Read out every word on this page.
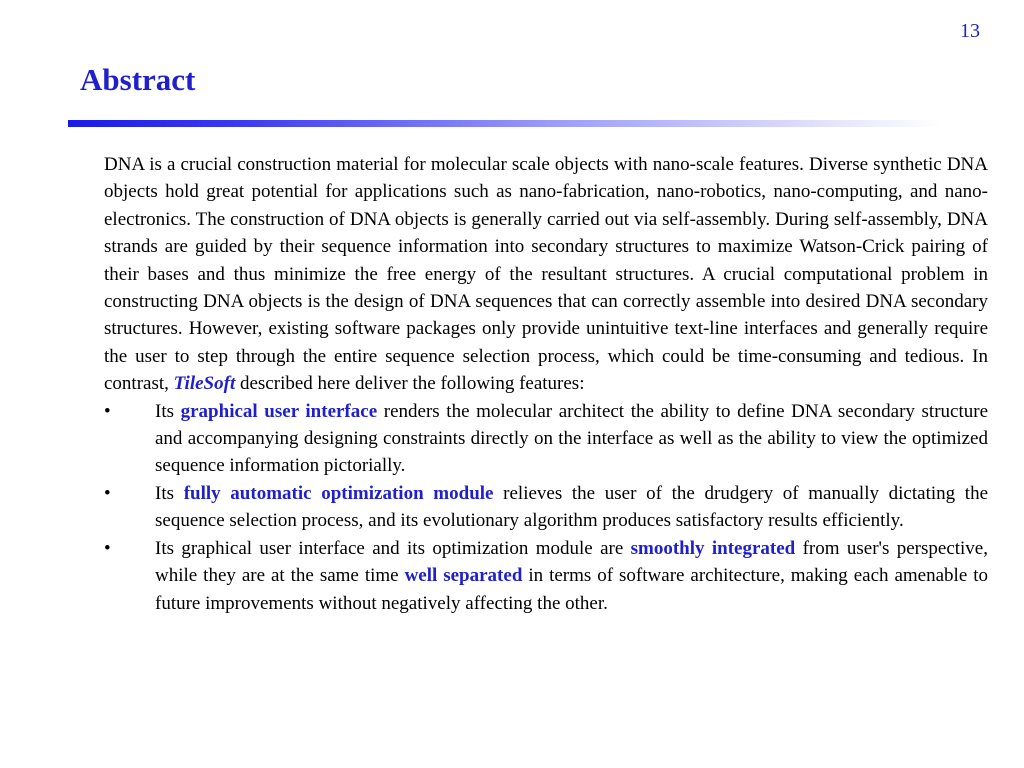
13
Abstract

DNA is a crucial construction material for molecular scale objects with nano-scale features. Diverse synthetic DNA objects hold great potential for applications such as nano-fabrication, nano-robotics, nano-computing, and nano-electronics. The construction of DNA objects is generally carried out via self-assembly. During self-assembly, DNA strands are guided by their sequence information into secondary structures to maximize Watson-Crick pairing of their bases and thus minimize the free energy of the resultant structures. A crucial computational problem in constructing DNA objects is the design of DNA sequences that can correctly assemble into desired DNA secondary structures. However, existing software packages only provide unintuitive text-line interfaces and generally require the user to step through the entire sequence selection process, which could be time-consuming and tedious. In contrast, TileSoft described here deliver the following features:

• Its graphical user interface renders the molecular architect the ability to define DNA secondary structure and accompanying designing constraints directly on the interface as well as the ability to view the optimized sequence information pictorially.
• Its fully automatic optimization module relieves the user of the drudgery of manually dictating the sequence selection process, and its evolutionary algorithm produces satisfactory results efficiently.
• Its graphical user interface and its optimization module are smoothly integrated from user's perspective, while they are at the same time well separated in terms of software architecture, making each amenable to future improvements without negatively affecting the other.
